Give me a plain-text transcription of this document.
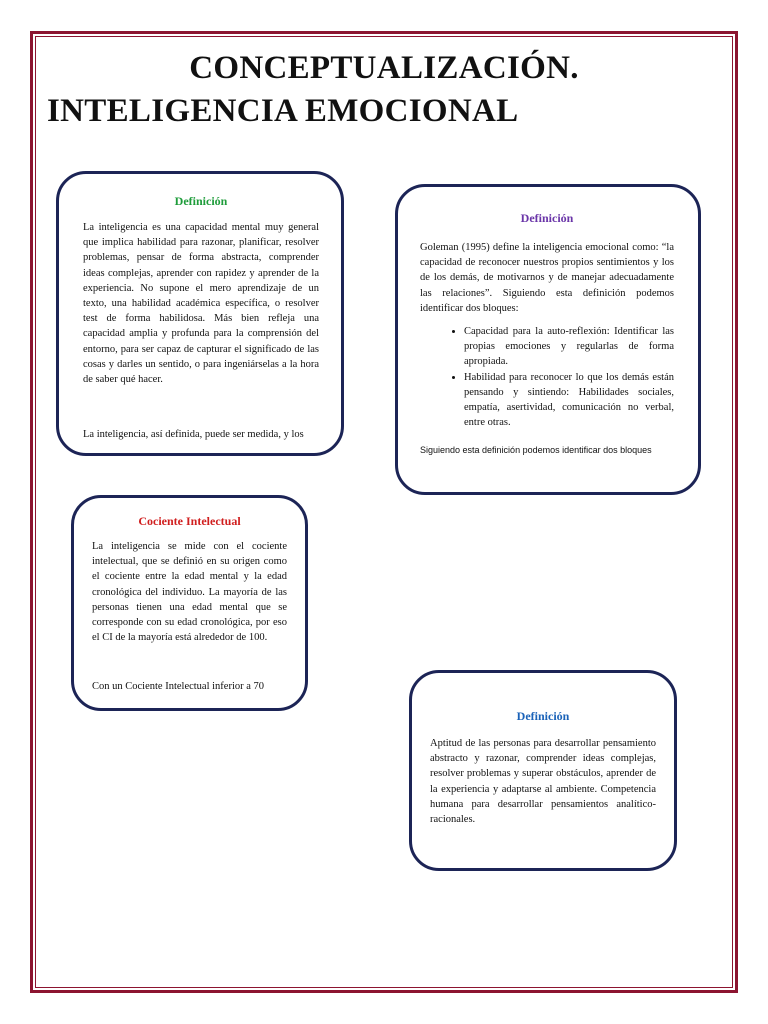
CONCEPTUALIZACIÓN.
INTELIGENCIA EMOCIONAL
Definición

La inteligencia es una capacidad mental muy general que implica habilidad para razonar, planificar, resolver problemas, pensar de forma abstracta, comprender ideas complejas, aprender con rapidez y aprender de la experiencia. No supone el mero aprendizaje de un texto, una habilidad académica específica, o resolver test de forma habilidosa. Más bien refleja una capacidad amplia y profunda para la comprensión del entorno, para ser capaz de capturar el significado de las cosas y darles un sentido, o para ingeniárselas a la hora de saber qué hacer.

La inteligencia, así definida, puede ser medida, y los

Definición

Goleman (1995) define la inteligencia emocional como: “la capacidad de reconocer nuestros propios sentimientos y los de los demás, de motivarnos y de manejar adecuadamente las relaciones”. Siguiendo esta definición podemos identificar dos bloques:

• Capacidad para la auto-reflexión: Identificar las propias emociones y regularlas de forma apropiada.
• Habilidad para reconocer lo que los demás están pensando y sintiendo: Habilidades sociales, empatía, asertividad, comunicación no verbal, entre otras.

Siguiendo esta definición podemos identificar dos bloques

Cociente Intelectual

La inteligencia se mide con el cociente intelectual, que se definió en su origen como el cociente entre la edad mental y la edad cronológica del individuo. La mayoría de las personas tienen una edad mental que se corresponde con su edad cronológica, por eso el CI de la mayoría está alrededor de 100.

Con un Cociente Intelectual inferior a 70

Definición

Aptitud de las personas para desarrollar pensamiento abstracto y razonar, comprender ideas complejas, resolver problemas y superar obstáculos, aprender de la experiencia y adaptarse al ambiente. Competencia humana para desarrollar pensamientos analítico-racionales.
